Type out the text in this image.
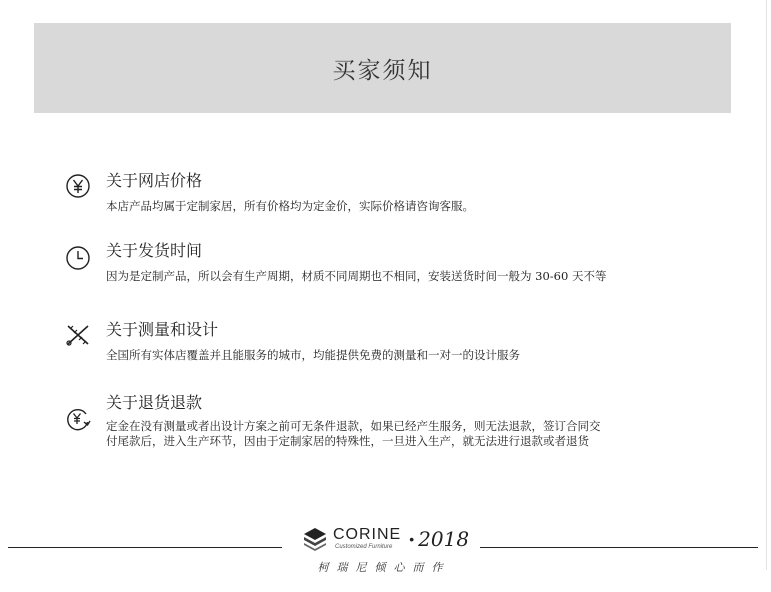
买家须知
关于网店价格
本店产品均属于定制家居，所有价格均为定金价，实际价格请咨询客服。
关于发货时间
因为是定制产品，所以会有生产周期，材质不同周期也不相同，安装送货时间一般为 30-60 天不等
关于测量和设计
全国所有实体店覆盖并且能服务的城市，均能提供免费的测量和一对一的设计服务
关于退货退款
定金在没有测量或者出设计方案之前可无条件退款，如果已经产生服务，则无法退款，签订合同交
付尾款后，进入生产环节，因由于定制家居的特殊性，一旦进入生产，就无法进行退款或者退货
CORINE
Customized Furniture	• 2018
柯瑞尼倾心而作
